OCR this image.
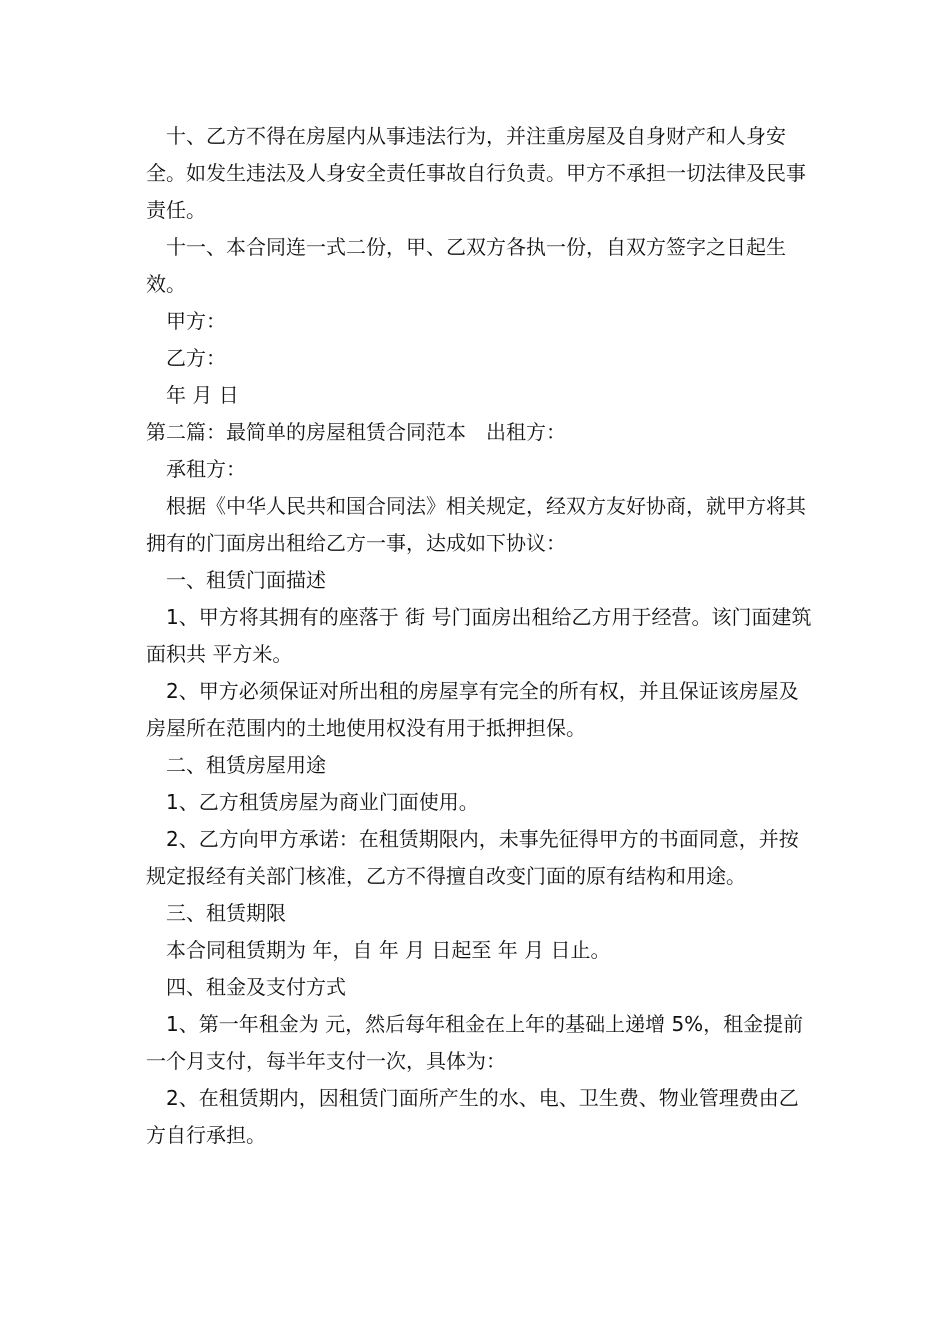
十、乙方不得在房屋内从事违法行为，并注重房屋及自身财产和人身安全。如发生违法及人身安全责任事故自行负责。甲方不承担一切法律及民事责任。

十一、本合同连一式二份，甲、乙双方各执一份，自双方签字之日起生效。

甲方：

乙方：

年 月 日

第二篇：最简单的房屋租赁合同范本　出租方：

承租方：

根据《中华人民共和国合同法》相关规定，经双方友好协商，就甲方将其拥有的门面房出租给乙方一事，达成如下协议：

一、租赁门面描述

1、甲方将其拥有的座落于 街 号门面房出租给乙方用于经营。该门面建筑面积共 平方米。

2、甲方必须保证对所出租的房屋享有完全的所有权，并且保证该房屋及房屋所在范围内的土地使用权没有用于抵押担保。

二、租赁房屋用途

1、乙方租赁房屋为商业门面使用。

2、乙方向甲方承诺：在租赁期限内，未事先征得甲方的书面同意，并按规定报经有关部门核准，乙方不得擅自改变门面的原有结构和用途。

三、租赁期限

本合同租赁期为 年，自 年 月 日起至 年 月 日止。

四、租金及支付方式

1、第一年租金为 元，然后每年租金在上年的基础上递增 5%，租金提前一个月支付，每半年支付一次，具体为：

2、在租赁期内，因租赁门面所产生的水、电、卫生费、物业管理费由乙方自行承担。
